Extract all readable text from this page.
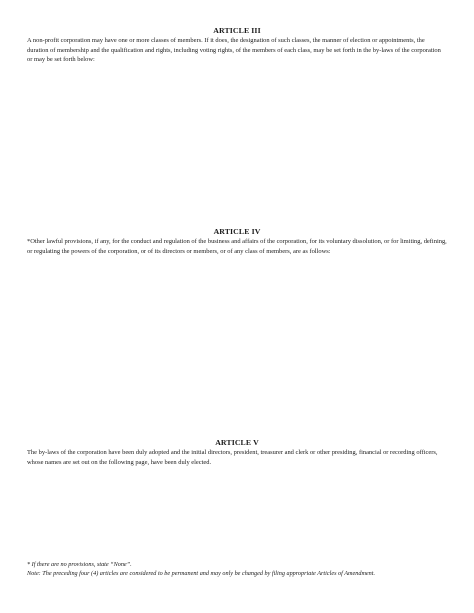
ARTICLE III

A non-profit corporation may have one or more classes of members. If it does, the designation of such classes, the manner of election or appointments, the duration of membership and the qualification and rights, including voting rights, of the members of each class, may be set forth in the by-laws of the corporation or may be set forth below:

ARTICLE IV

*Other lawful provisions, if any, for the conduct and regulation of the business and affairs of the corporation, for its voluntary dissolution, or for limiting, defining, or regulating the powers of the corporation, or of its directors or members, or of any class of members, are as follows:

ARTICLE V

The by-laws of the corporation have been duly adopted and the initial directors, president, treasurer and clerk or other presiding, financial or recording officers, whose names are set out on the following page, have been duly elected.

* If there are no provisions, state “None”.

Note: The preceding four (4) articles are considered to be permanent and may only be changed by filing appropriate Articles of Amendment.
